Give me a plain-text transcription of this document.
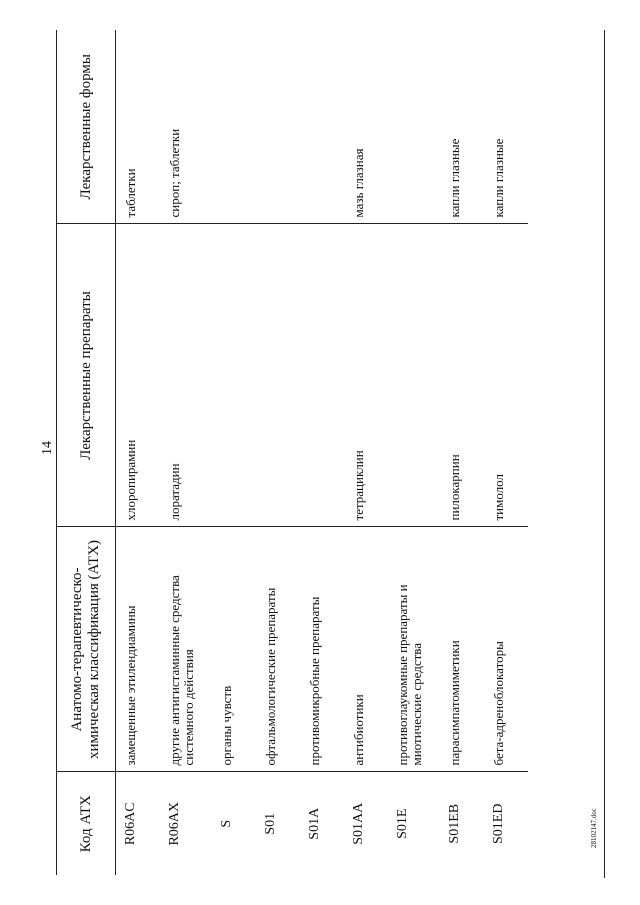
14
Код АТХ	Анатомо-терапевтическо-химическая классификация (АТХ)	Лекарственные препараты	Лекарственные формы
R06AC	замещенные этилендиамины	хлоропирамин	таблетки
R06AX	другие антигистаминные средства системного действия	лоратадин	сироп; таблетки
S	органы чувств		
S01	офтальмологические препараты		
S01A	противомикробные препараты		
S01AA	антибиотики	тетрациклин	мазь глазная
S01E	противоглаукомные препараты и миотические средства		
S01EB	парасимпатомиметики	пилокарпин	капли глазные
S01ED	бета-адреноблокаторы	тимолол	капли глазные
28102147.doc
